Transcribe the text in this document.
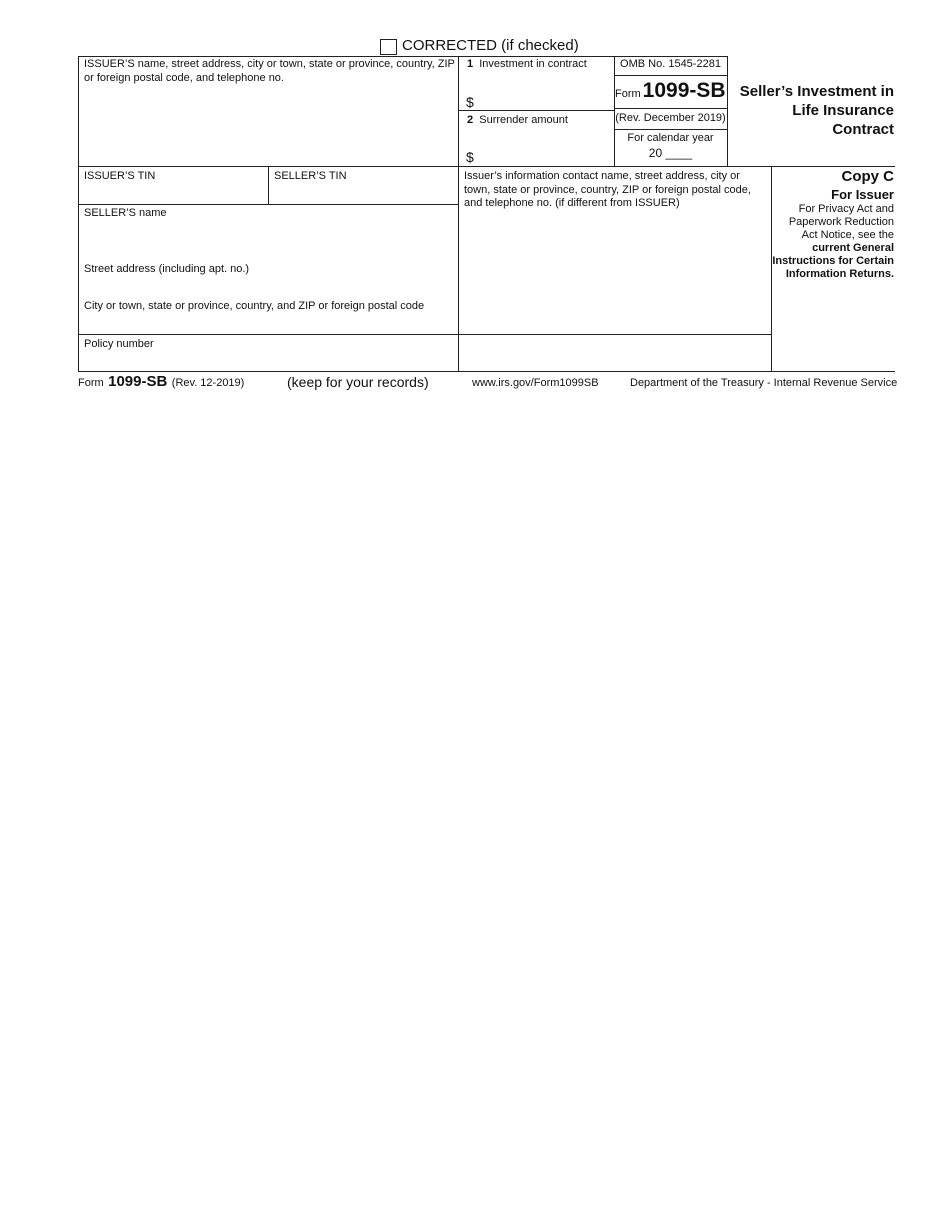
CORRECTED (if checked)
ISSUER’S name, street address, city or town, state or province, country, ZIP or foreign postal code, and telephone no.
1 Investment in contract
$
2 Surrender amount
$
OMB No. 1545-2281
Form1099-SB
(Rev. December 2019)
For calendar year
20 ____
Seller’s Investment in
Life Insurance
Contract
ISSUER’S TIN	SELLER’S TIN	Issuer’s information contact name, street address, city or town, state or province, country, ZIP or foreign postal code, and telephone no. (if different from ISSUER)
SELLER’S name
Street address (including apt. no.)
City or town, state or province, country, and ZIP or foreign postal code
Policy number
Copy C
For Issuer
For Privacy Act and
Paperwork Reduction
Act Notice, see the
current General
Instructions for Certain
Information Returns.
Form 1099-SB (Rev. 12-2019)	(keep for your records)	www.irs.gov/Form1099SB	Department of the Treasury - Internal Revenue Service
